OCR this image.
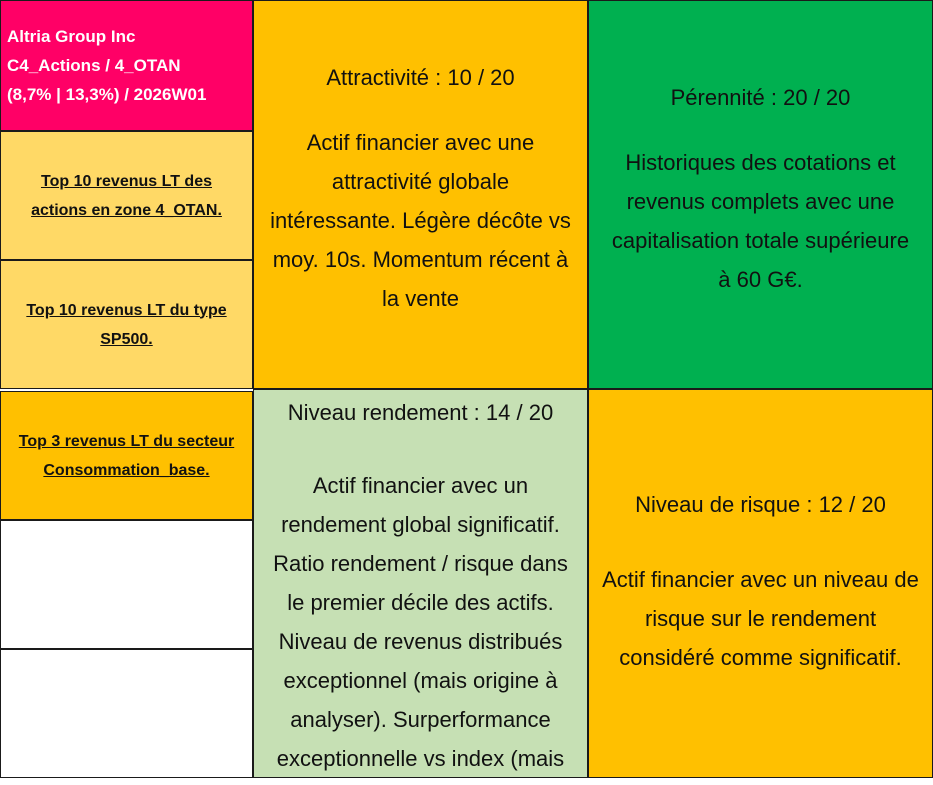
Altria Group Inc
C4_Actions / 4_OTAN
(8,7% | 13,3%) / 2026W01
Top 10 revenus LT des
actions en zone 4_OTAN.
Top 10 revenus LT du type
SP500.
Top 3 revenus LT du secteur
Consommation_base.
Attractivité : 10 / 20
Actif financier avec une
attractivité globale
intéressante. Légère décôte vs
moy. 10s. Momentum récent à
la vente
Pérennité : 20 / 20
Historiques des cotations et
revenus complets avec une
capitalisation totale supérieure
à 60 G€.
Niveau rendement : 14 / 20
Actif financier avec un
rendement global significatif.
Ratio rendement / risque dans
le premier décile des actifs.
Niveau de revenus distribués
exceptionnel (mais origine à
analyser). Surperformance
exceptionnelle vs index (mais
Niveau de risque : 12 / 20
Actif financier avec un niveau de
risque sur le rendement
considéré comme significatif.
